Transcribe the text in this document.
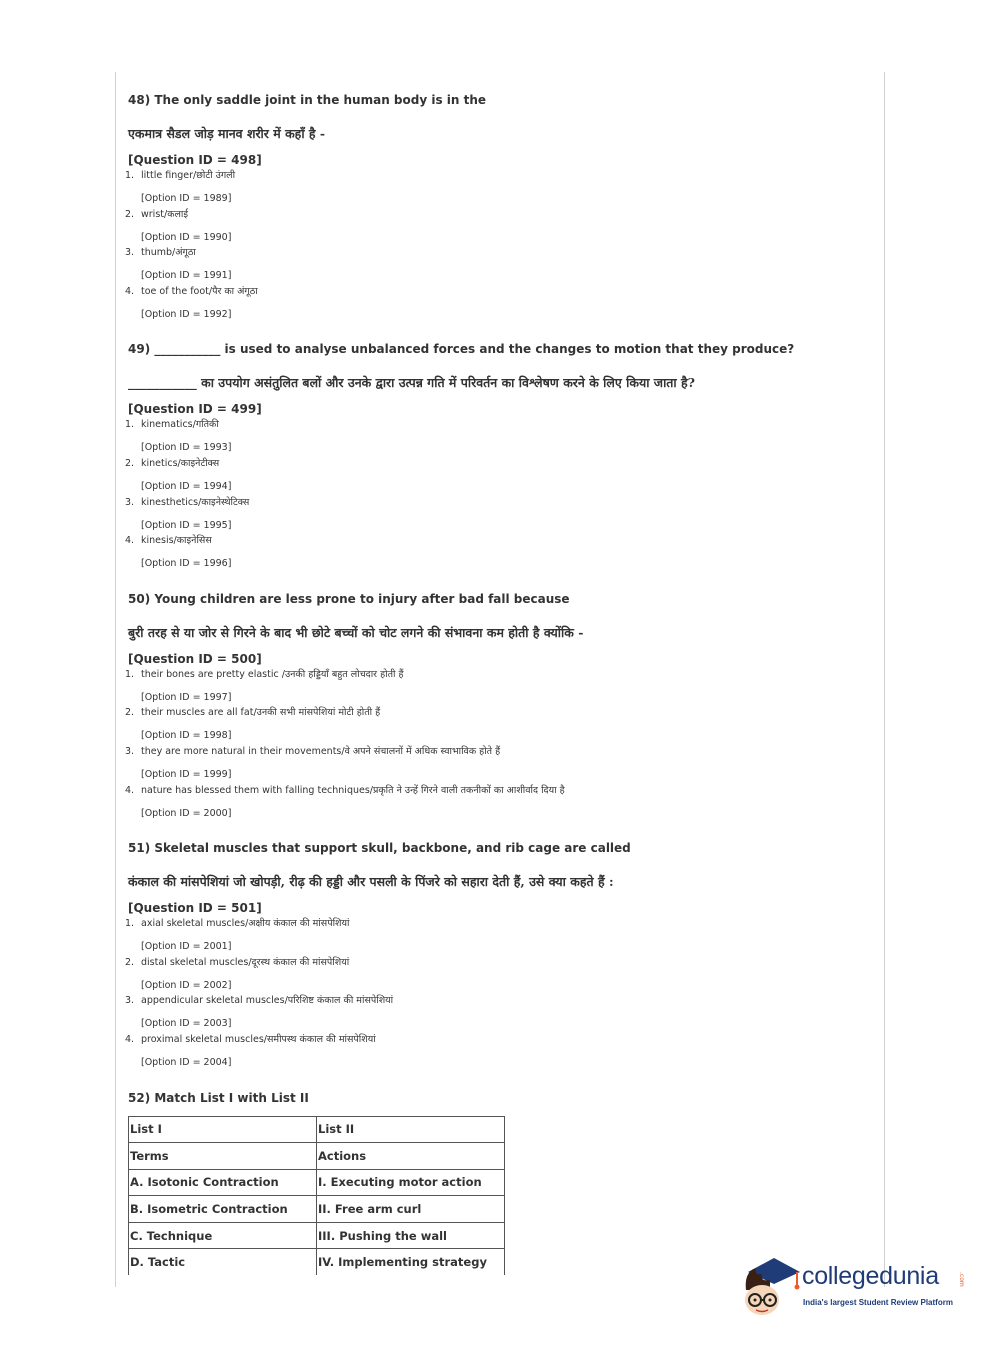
48) The only saddle joint in the human body is in the
एकमात्र सैडल जोड़ मानव शरीर में कहाँ है -
[Question ID = 498]
1. little finger/छोटी उंगली
[Option ID = 1989]
2. wrist/कलाई
[Option ID = 1990]
3. thumb/अंगूठा
[Option ID = 1991]
4. toe of the foot/पैर का अंगूठा
[Option ID = 1992]
49) ___________ is used to analyse unbalanced forces and the changes to motion that they produce?
___________ का उपयोग असंतुलित बलों और उनके द्वारा उत्पन्न गति में परिवर्तन का विश्लेषण करने के लिए किया जाता है?
[Question ID = 499]
1. kinematics/गतिकी
[Option ID = 1993]
2. kinetics/काइनेटीक्स
[Option ID = 1994]
3. kinesthetics/काइनेस्थेटिक्स
[Option ID = 1995]
4. kinesis/काइनेसिस
[Option ID = 1996]
50) Young children are less prone to injury after bad fall because
बुरी तरह से या जोर से गिरने के बाद भी छोटे बच्चों को चोट लगने की संभावना कम होती है क्योंकि -
[Question ID = 500]
1. their bones are pretty elastic /उनकी हड्डियाँ बहुत लोचदार होती हैं
[Option ID = 1997]
2. their muscles are all fat/उनकी सभी मांसपेशियां मोटी होती हैं
[Option ID = 1998]
3. they are more natural in their movements/वे अपने संचालनों में अधिक स्वाभाविक होते हैं
[Option ID = 1999]
4. nature has blessed them with falling techniques/प्रकृति ने उन्हें गिरने वाली तकनीकों का आशीर्वाद दिया है
[Option ID = 2000]
51) Skeletal muscles that support skull, backbone, and rib cage are called
कंकाल की मांसपेशियां जो खोपड़ी, रीढ़ की हड्डी और पसली के पिंजरे को सहारा देती हैं, उसे क्या कहते हैं :
[Question ID = 501]
1. axial skeletal muscles/अक्षीय कंकाल की मांसपेशियां
[Option ID = 2001]
2. distal skeletal muscles/दूरस्थ कंकाल की मांसपेशियां
[Option ID = 2002]
3. appendicular skeletal muscles/परिशिष्ट कंकाल की मांसपेशियां
[Option ID = 2003]
4. proximal skeletal muscles/समीपस्थ कंकाल की मांसपेशियां
[Option ID = 2004]
52) Match List I with List II
List I	List II
Terms	Actions
A. Isotonic Contraction	I. Executing motor action
B. Isometric Contraction	II. Free arm curl
C. Technique	III. Pushing the wall
D. Tactic	IV. Implementing strategy	collegedunia	.com
India's largest Student Review Platform
